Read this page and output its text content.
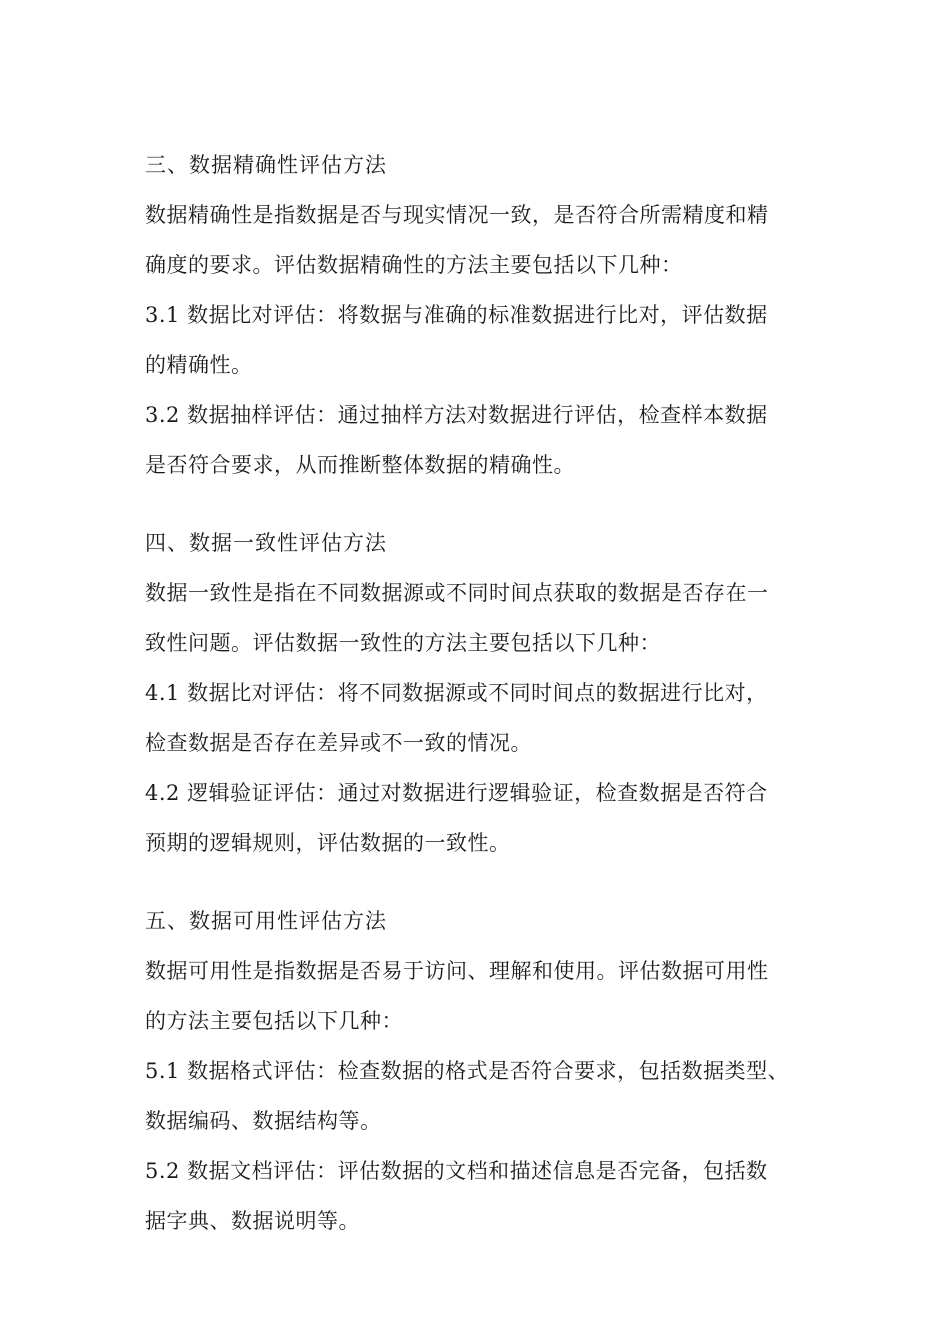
三、数据精确性评估方法
数据精确性是指数据是否与现实情况一致，是否符合所需精度和精
确度的要求。评估数据精确性的方法主要包括以下几种：
3.1 数据比对评估：将数据与准确的标准数据进行比对，评估数据
的精确性。
3.2 数据抽样评估：通过抽样方法对数据进行评估，检查样本数据
是否符合要求，从而推断整体数据的精确性。
四、数据一致性评估方法
数据一致性是指在不同数据源或不同时间点获取的数据是否存在一
致性问题。评估数据一致性的方法主要包括以下几种：
4.1 数据比对评估：将不同数据源或不同时间点的数据进行比对，
检查数据是否存在差异或不一致的情况。
4.2 逻辑验证评估：通过对数据进行逻辑验证，检查数据是否符合
预期的逻辑规则，评估数据的一致性。
五、数据可用性评估方法
数据可用性是指数据是否易于访问、理解和使用。评估数据可用性
的方法主要包括以下几种：
5.1 数据格式评估：检查数据的格式是否符合要求，包括数据类型、
数据编码、数据结构等。
5.2 数据文档评估：评估数据的文档和描述信息是否完备，包括数
据字典、数据说明等。
